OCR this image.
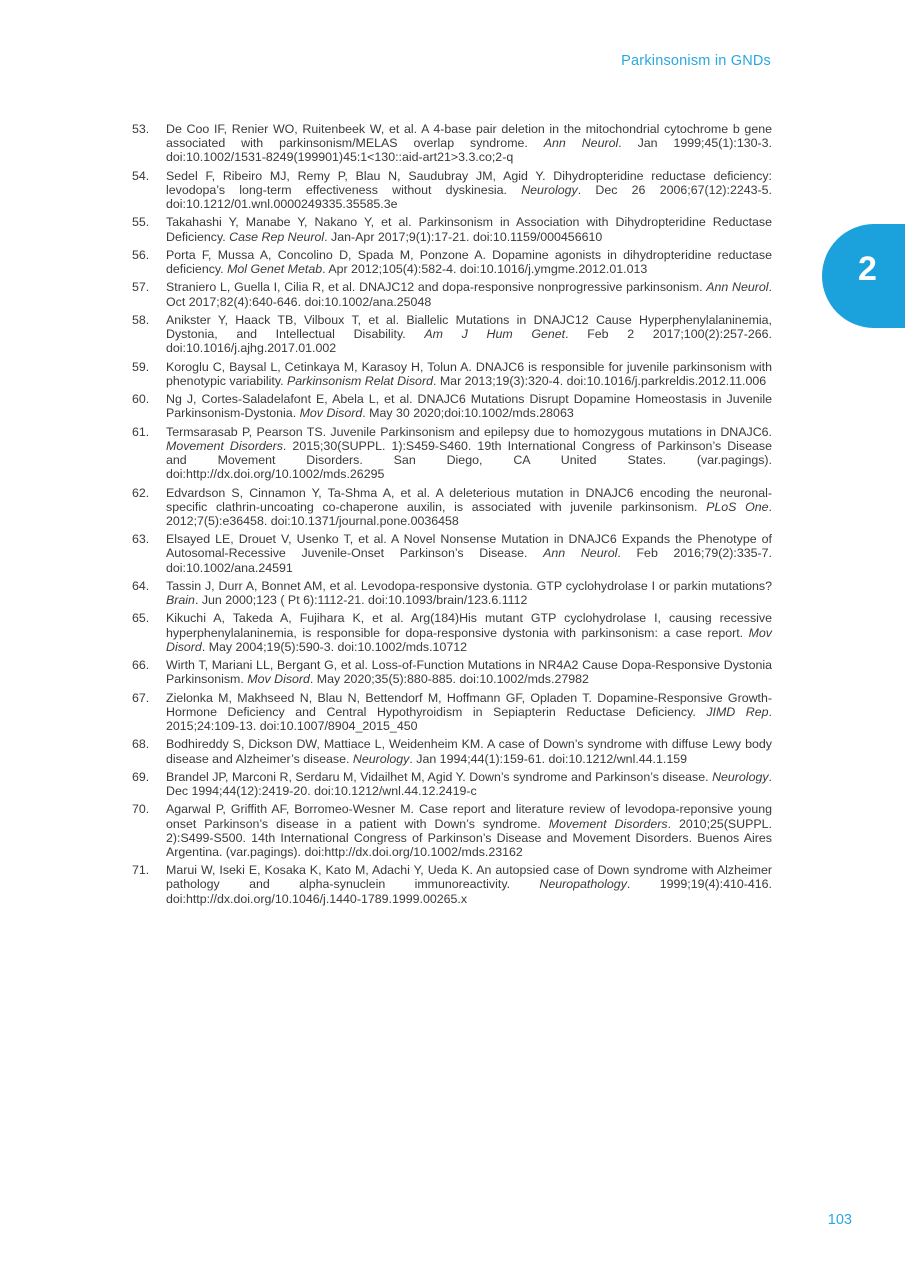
Parkinsonism in GNDs
2
53. De Coo IF, Renier WO, Ruitenbeek W, et al. A 4-base pair deletion in the mitochondrial cytochrome b gene associated with parkinsonism/MELAS overlap syndrome. Ann Neurol. Jan 1999;45(1):130-3. doi:10.1002/1531-8249(199901)45:1<130::aid-art21>3.3.co;2-q
54. Sedel F, Ribeiro MJ, Remy P, Blau N, Saudubray JM, Agid Y. Dihydropteridine reductase deficiency: levodopa’s long-term effectiveness without dyskinesia. Neurology. Dec 26 2006;67(12):2243-5. doi:10.1212/01.wnl.0000249335.35585.3e
55. Takahashi Y, Manabe Y, Nakano Y, et al. Parkinsonism in Association with Dihydropteridine Reductase Deficiency. Case Rep Neurol. Jan-Apr 2017;9(1):17-21. doi:10.1159/000456610
56. Porta F, Mussa A, Concolino D, Spada M, Ponzone A. Dopamine agonists in dihydropteridine reductase deficiency. Mol Genet Metab. Apr 2012;105(4):582-4. doi:10.1016/j.ymgme.2012.01.013
57. Straniero L, Guella I, Cilia R, et al. DNAJC12 and dopa-responsive nonprogressive parkinsonism. Ann Neurol. Oct 2017;82(4):640-646. doi:10.1002/ana.25048
58. Anikster Y, Haack TB, Vilboux T, et al. Biallelic Mutations in DNAJC12 Cause Hyperphenylalaninemia, Dystonia, and Intellectual Disability. Am J Hum Genet. Feb 2 2017;100(2):257-266. doi:10.1016/j.ajhg.2017.01.002
59. Koroglu C, Baysal L, Cetinkaya M, Karasoy H, Tolun A. DNAJC6 is responsible for juvenile parkinsonism with phenotypic variability. Parkinsonism Relat Disord. Mar 2013;19(3):320-4. doi:10.1016/j.parkreldis.2012.11.006
60. Ng J, Cortes-Saladelafont E, Abela L, et al. DNAJC6 Mutations Disrupt Dopamine Homeostasis in Juvenile Parkinsonism-Dystonia. Mov Disord. May 30 2020;doi:10.1002/mds.28063
61. Termsarasab P, Pearson TS. Juvenile Parkinsonism and epilepsy due to homozygous mutations in DNAJC6. Movement Disorders. 2015;30(SUPPL. 1):S459-S460. 19th International Congress of Parkinson’s Disease and Movement Disorders. San Diego, CA United States. (var.pagings). doi:http://dx.doi.org/10.1002/mds.26295
62. Edvardson S, Cinnamon Y, Ta-Shma A, et al. A deleterious mutation in DNAJC6 encoding the neuronal-specific clathrin-uncoating co-chaperone auxilin, is associated with juvenile parkinsonism. PLoS One. 2012;7(5):e36458. doi:10.1371/journal.pone.0036458
63. Elsayed LE, Drouet V, Usenko T, et al. A Novel Nonsense Mutation in DNAJC6 Expands the Phenotype of Autosomal-Recessive Juvenile-Onset Parkinson’s Disease. Ann Neurol. Feb 2016;79(2):335-7. doi:10.1002/ana.24591
64. Tassin J, Durr A, Bonnet AM, et al. Levodopa-responsive dystonia. GTP cyclohydrolase I or parkin mutations? Brain. Jun 2000;123 ( Pt 6):1112-21. doi:10.1093/brain/123.6.1112
65. Kikuchi A, Takeda A, Fujihara K, et al. Arg(184)His mutant GTP cyclohydrolase I, causing recessive hyperphenylalaninemia, is responsible for dopa-responsive dystonia with parkinsonism: a case report. Mov Disord. May 2004;19(5):590-3. doi:10.1002/mds.10712
66. Wirth T, Mariani LL, Bergant G, et al. Loss-of-Function Mutations in NR4A2 Cause Dopa-Responsive Dystonia Parkinsonism. Mov Disord. May 2020;35(5):880-885. doi:10.1002/mds.27982
67. Zielonka M, Makhseed N, Blau N, Bettendorf M, Hoffmann GF, Opladen T. Dopamine-Responsive Growth-Hormone Deficiency and Central Hypothyroidism in Sepiapterin Reductase Deficiency. JIMD Rep. 2015;24:109-13. doi:10.1007/8904_2015_450
68. Bodhireddy S, Dickson DW, Mattiace L, Weidenheim KM. A case of Down’s syndrome with diffuse Lewy body disease and Alzheimer’s disease. Neurology. Jan 1994;44(1):159-61. doi:10.1212/wnl.44.1.159
69. Brandel JP, Marconi R, Serdaru M, Vidailhet M, Agid Y. Down’s syndrome and Parkinson’s disease. Neurology. Dec 1994;44(12):2419-20. doi:10.1212/wnl.44.12.2419-c
70. Agarwal P, Griffith AF, Borromeo-Wesner M. Case report and literature review of levodopa-reponsive young onset Parkinson’s disease in a patient with Down’s syndrome. Movement Disorders. 2010;25(SUPPL. 2):S499-S500. 14th International Congress of Parkinson’s Disease and Movement Disorders. Buenos Aires Argentina. (var.pagings). doi:http://dx.doi.org/10.1002/mds.23162
71. Marui W, Iseki E, Kosaka K, Kato M, Adachi Y, Ueda K. An autopsied case of Down syndrome with Alzheimer pathology and alpha-synuclein immunoreactivity. Neuropathology. 1999;19(4):410-416. doi:http://dx.doi.org/10.1046/j.1440-1789.1999.00265.x
103
